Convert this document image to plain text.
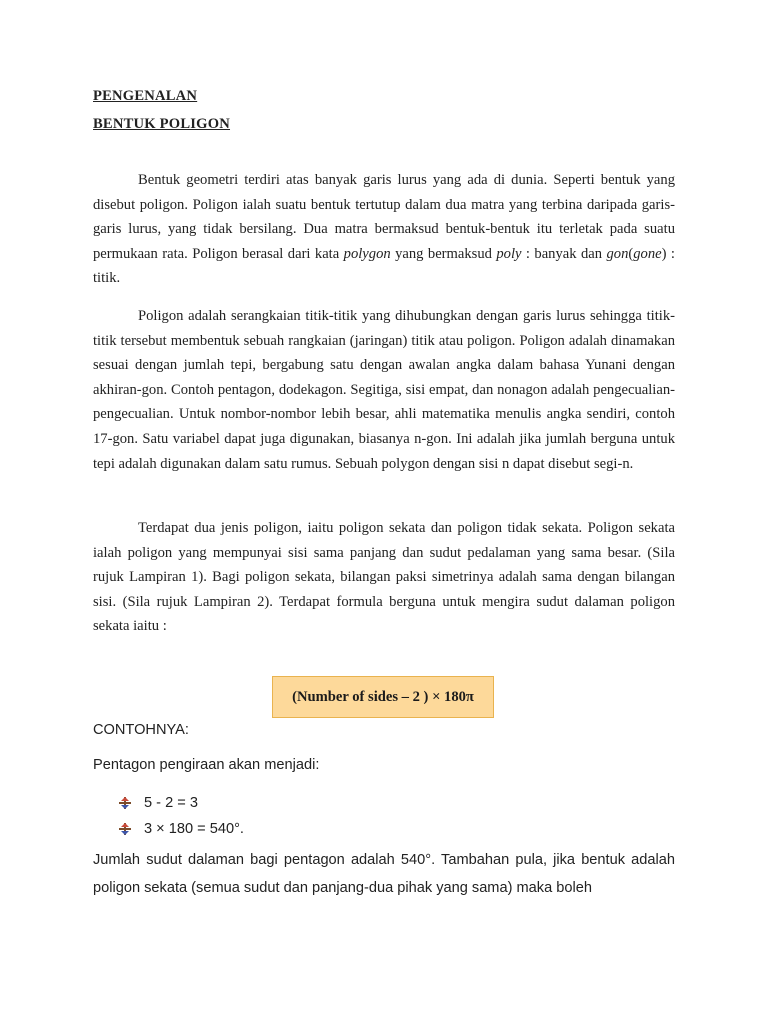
PENGENALAN
BENTUK POLIGON

Bentuk geometri terdiri atas banyak garis lurus yang ada di dunia. Seperti bentuk yang disebut poligon. Poligon ialah suatu bentuk tertutup dalam dua matra yang terbina daripada garis-garis lurus, yang tidak bersilang. Dua matra bermaksud bentuk-bentuk itu terletak pada suatu permukaan rata. Poligon berasal dari kata polygon yang bermaksud poly : banyak dan gon(gone) : titik.

Poligon adalah serangkaian titik-titik yang dihubungkan dengan garis lurus sehingga titik-titik tersebut membentuk sebuah rangkaian (jaringan) titik atau poligon. Poligon adalah dinamakan sesuai dengan jumlah tepi, bergabung satu dengan awalan angka dalam bahasa Yunani dengan akhiran-gon. Contoh pentagon, dodekagon. Segitiga, sisi empat, dan nonagon adalah pengecualian-pengecualian. Untuk nombor-nombor lebih besar, ahli matematika menulis angka sendiri, contoh 17-gon. Satu variabel dapat juga digunakan, biasanya n-gon. Ini adalah jika jumlah berguna untuk tepi adalah digunakan dalam satu rumus. Sebuah polygon dengan sisi n dapat disebut segi-n.

Terdapat dua jenis poligon, iaitu poligon sekata dan poligon tidak sekata. Poligon sekata ialah poligon yang mempunyai sisi sama panjang dan sudut pedalaman yang sama besar. (Sila rujuk Lampiran 1). Bagi poligon sekata, bilangan paksi simetrinya adalah sama dengan bilangan sisi. (Sila rujuk Lampiran 2). Terdapat formula berguna untuk mengira sudut dalaman poligon sekata iaitu :

(Number of sides – 2 ) × 180π
CONTOHNYA:
Pentagon pengiraan akan menjadi:
5 - 2 = 3
3 × 180 = 540°.

Jumlah sudut dalaman bagi pentagon adalah 540°. Tambahan pula, jika bentuk adalah poligon sekata (semua sudut dan panjang-dua pihak yang sama) maka boleh
